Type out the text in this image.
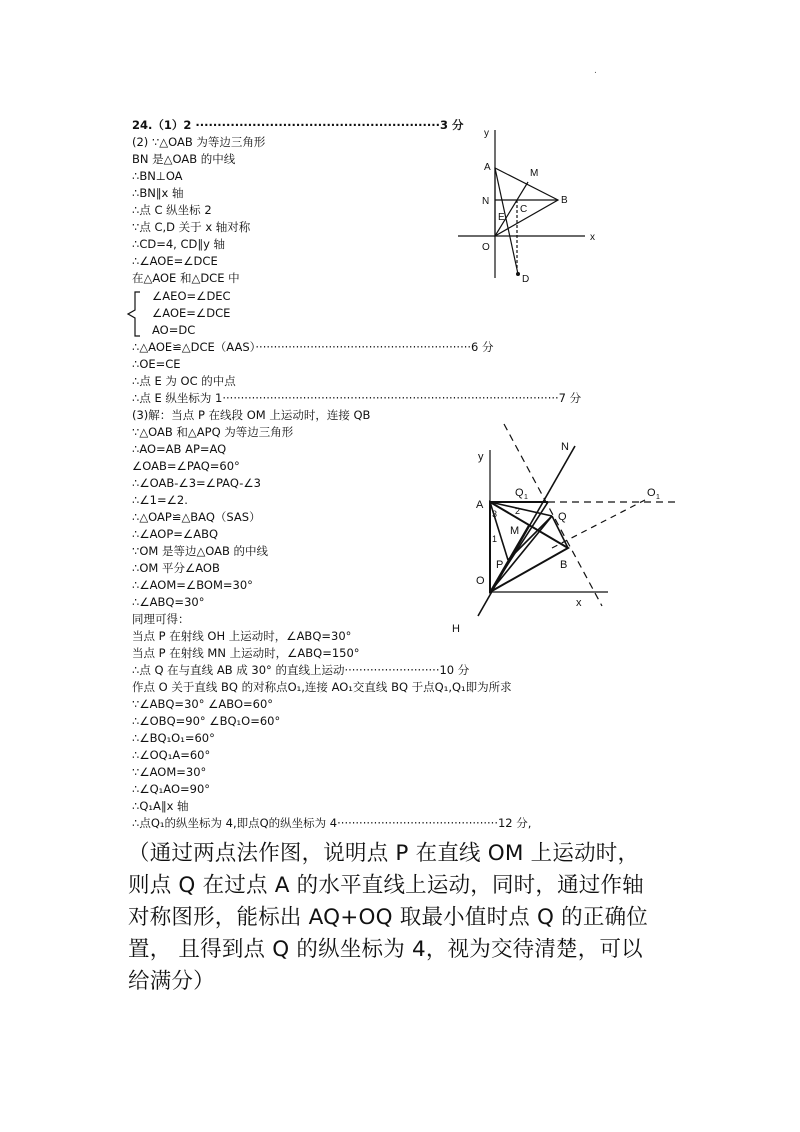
.
24.（1）2 ························································3 分
(2) ∵△OAB 为等边三角形
BN 是△OAB 的中线
∴BN⊥OA
∴BN∥x 轴
∴点 C 纵坐标 2
∵点 C,D 关于 x 轴对称
∴CD=4, CD∥y 轴
∴∠AOE=∠DCE
在△AOE 和△DCE 中
∠AEO=∠DEC
∠AOE=∠DCE
AO=DC
∴△AOE≌△DCE（AAS）···························································6 分
∴OE=CE
∴点 E 为 OC 的中点
∴点 E 纵坐标为 1····························································································7 分
(3)解：当点 P 在线段 OM 上运动时，连接 QB
∵△OAB 和△APQ 为等边三角形
∴AO=AB AP=AQ
∠OAB=∠PAQ=60°
∴∠OAB-∠3=∠PAQ-∠3
∴∠1=∠2.
∴△OAP≌△BAQ（SAS）
∴∠AOP=∠ABQ
∵OM 是等边△OAB 的中线
∴OM 平分∠AOB
∴∠AOM=∠BOM=30°
∴∠ABQ=30°
同理可得：
当点 P 在射线 OH 上运动时，∠ABQ=30°
当点 P 在射线 MN 上运动时，∠ABQ=150°
∴点 Q 在与直线 AB 成 30° 的直线上运动··························10 分
作点 O 关于直线 BQ 的对称点O₁,连接 AO₁交直线 BQ 于点Q₁,Q₁即为所求
∵∠ABQ=30° ∠ABO=60°
∴∠OBQ=90° ∠BQ₁O=60°
∴∠BQ₁O₁=60°
∴∠OQ₁A=60°
∵∠AOM=30°
∴∠Q₁AO=90°
∴Q₁A∥x 轴
∴点Q₁的纵坐标为 4,即点Q的纵坐标为 4············································12 分,
（通过两点法作图，说明点 P 在直线 OM 上运动时，
则点 Q 在过点 A 的水平直线上运动，同时，通过作轴
对称图形，能标出 AQ+OQ 取最小值时点 Q 的正确位
置， 且得到点 Q 的纵坐标为 4，视为交待清楚，可以
给满分）
y
x
A
M
N	B
C
E
O
D
y
x
N
Q 1	O 1
A
Q
M
P	B
O
H
1
2
3
